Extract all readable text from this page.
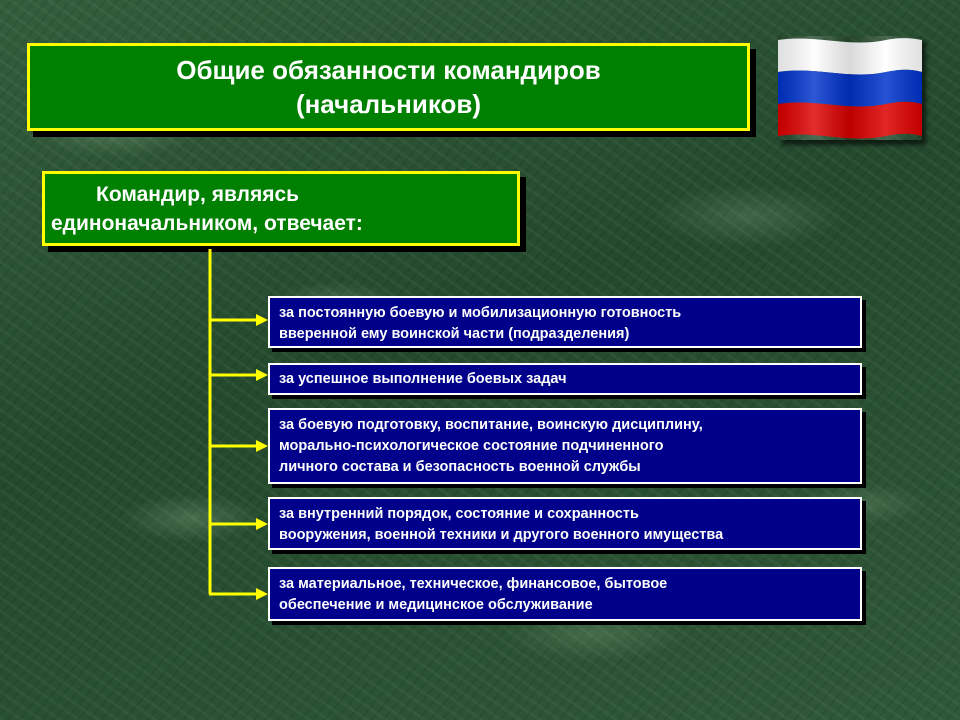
Общие обязанности командиров
(начальников)
Командир, являясь
единоначальником, отвечает:
за постоянную боевую и мобилизационную готовность
вверенной ему воинской части (подразделения)
за успешное выполнение боевых задач
за боевую подготовку, воспитание, воинскую дисциплину,
морально-психологическое состояние подчиненного
личного состава и безопасность военной службы
за внутренний порядок, состояние и сохранность
вооружения, военной техники и другого военного имущества
за материальное, техническое, финансовое, бытовое
обеспечение и медицинское обслуживание
